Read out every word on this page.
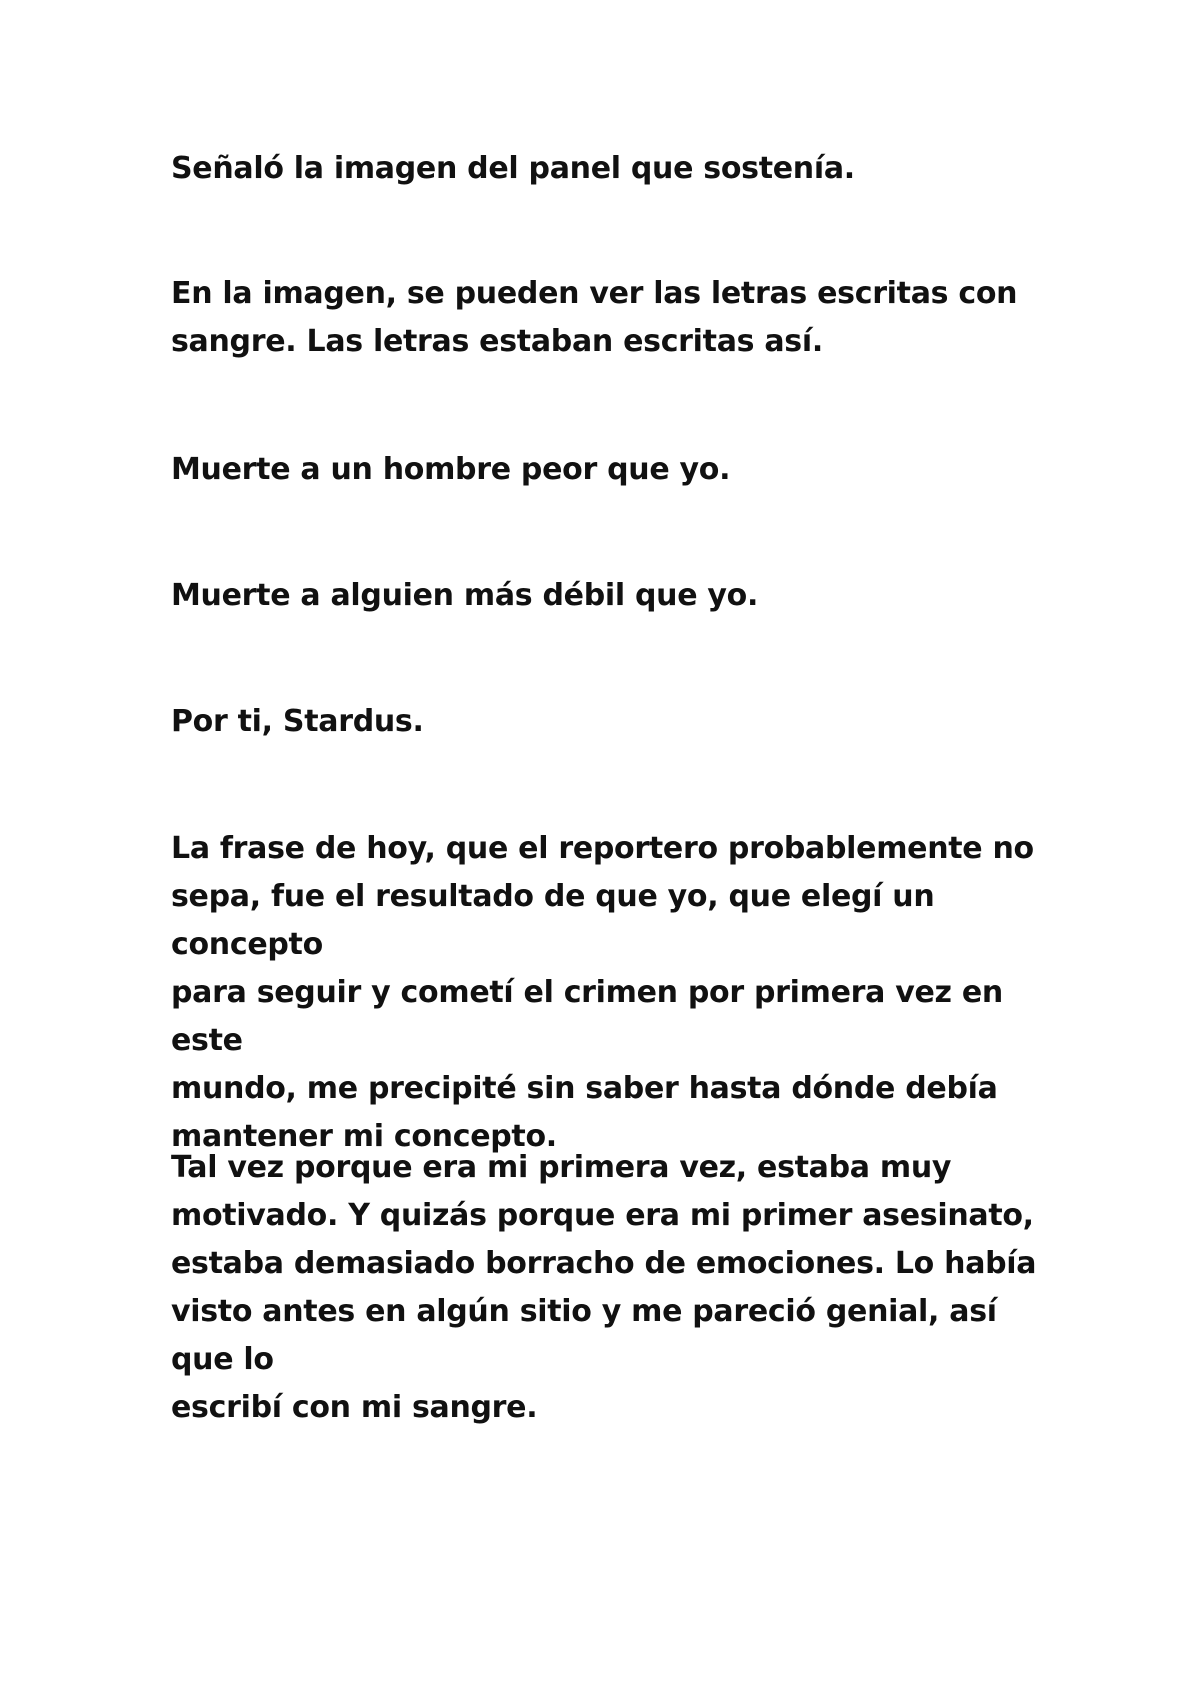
Señaló la imagen del panel que sostenía.

En la imagen, se pueden ver las letras escritas con
sangre. Las letras estaban escritas así.

Muerte a un hombre peor que yo.

Muerte a alguien más débil que yo.

Por ti, Stardus.

La frase de hoy, que el reportero probablemente no
sepa, fue el resultado de que yo, que elegí un concepto
para seguir y cometí el crimen por primera vez en este
mundo, me precipité sin saber hasta dónde debía
mantener mi concepto.

Tal vez porque era mi primera vez, estaba muy
motivado. Y quizás porque era mi primer asesinato,
estaba demasiado borracho de emociones. Lo había
visto antes en algún sitio y me pareció genial, así que lo
escribí con mi sangre.
